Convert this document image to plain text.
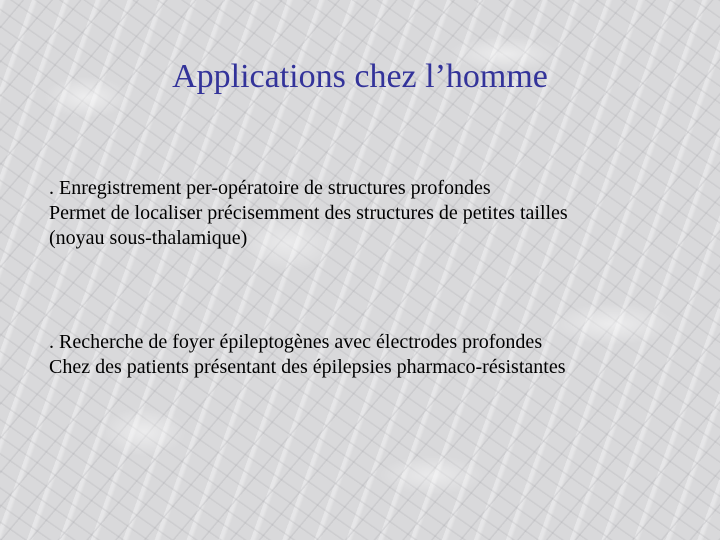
Applications chez l’homme
. Enregistrement per-opératoire de structures profondes
Permet de localiser précisemment des structures de petites tailles
(noyau sous-thalamique)
. Recherche de foyer épileptogènes avec électrodes profondes
Chez des patients présentant des épilepsies pharmaco-résistantes
